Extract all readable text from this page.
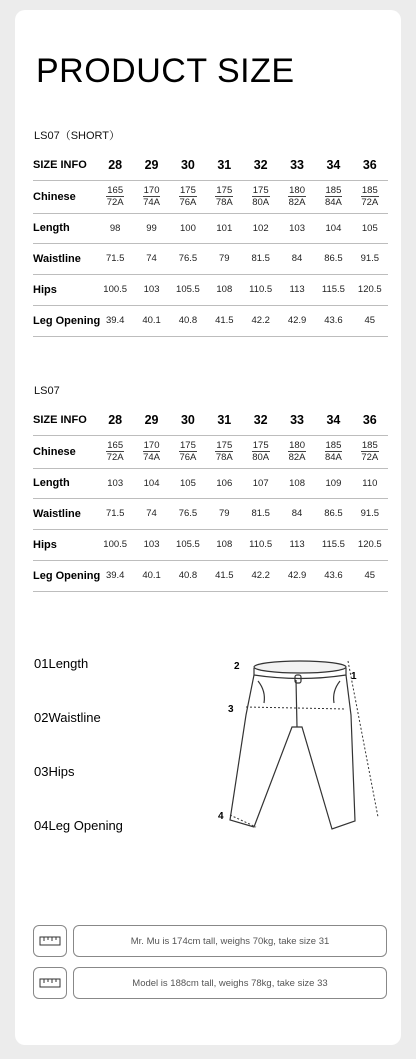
PRODUCT SIZE
LS07（SHORT）
SIZE INFO	28	29	30	31	32	33	34	36
Chinese	$\frac{165}{72A}$	$\frac{170}{74A}$	$\frac{175}{76A}$	$\frac{175}{78A}$	$\frac{175}{80A}$	$\frac{180}{82A}$	$\frac{185}{84A}$	$\frac{185}{72A}$

Length	98	99	100	101	102	103	104	105
Waistline	71.5	74	76.5	79	81.5	84	86.5	91.5
Hips	100.5	103	105.5	108	110.5	113	115.5	120.5
Leg Opening	39.4	40.1	40.8	41.5	42.2	42.9	43.6	45
LS07
SIZE INFO	28	29	30	31	32	33	34	36
Chinese	$\frac{165}{72A}$	$\frac{170}{74A}$	$\frac{175}{76A}$	$\frac{175}{78A}$	$\frac{175}{80A}$	$\frac{180}{82A}$	$\frac{185}{84A}$	$\frac{185}{72A}$

Length	103	104	105	106	107	108	109	110
Waistline	71.5	74	76.5	79	81.5	84	86.5	91.5
Hips	100.5	103	105.5	108	110.5	113	115.5	120.5
Leg Opening	39.4	40.1	40.8	41.5	42.2	42.9	43.6	45
01Length
02Waistline
03Hips
04Leg Opening
2
1
3
4
Mr. Mu is 174cm tall, weighs 70kg, take size 31
Model is 188cm tall, weighs 78kg, take size 33
